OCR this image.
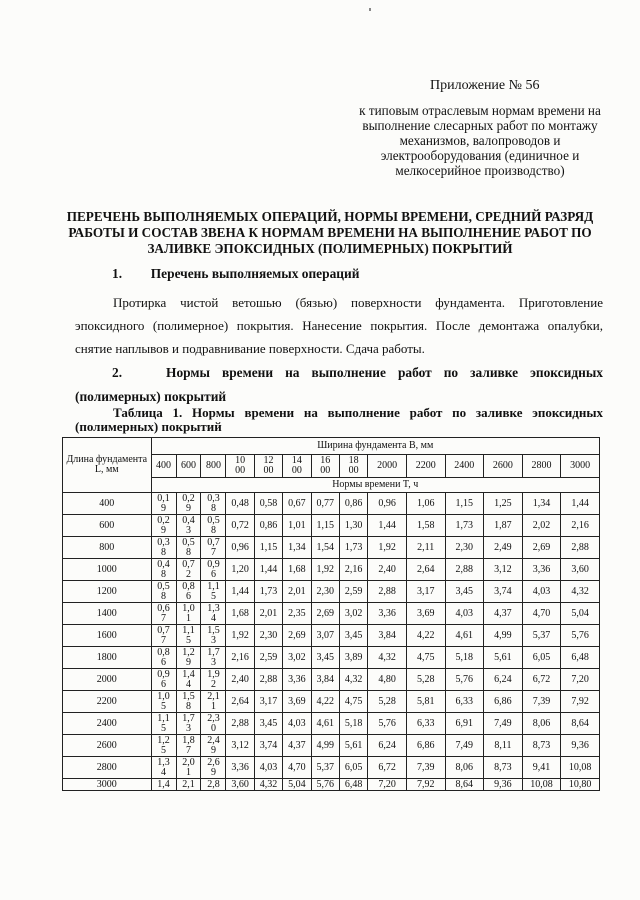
Приложение № 56
к типовым отраслевым нормам времени на выполнение слесарных работ по монтажу механизмов, валопроводов и электрооборудования (единичное и мелкосерийное производство)
ПЕРЕЧЕНЬ ВЫПОЛНЯЕМЫХ ОПЕРАЦИЙ, НОРМЫ ВРЕМЕНИ, СРЕДНИЙ РАЗРЯД РАБОТЫ И СОСТАВ ЗВЕНА К НОРМАМ ВРЕМЕНИ НА ВЫПОЛНЕНИЕ РАБОТ ПО ЗАЛИВКЕ ЭПОКСИДНЫХ (ПОЛИМЕРНЫХ) ПОКРЫТИЙ
1. Перечень выполняемых операций
Протирка чистой ветошью (бязью) поверхности фундамента. Приготовление эпоксидного (полимерное) покрытия. Нанесение покрытия. После демонтажа опалубки, снятие наплывов и подравнивание поверхности. Сдача работы.
2.	Нормы времени на выполнение работ по заливке эпоксидных (полимерных) покрытий
Таблица 1. Нормы времени на выполнение работ по заливке эпоксидных (полимерных) покрытий
Длина фундамента L, мм	Ширина фундамента B, мм													
	400	600	800	1000	1200	1400	1600	1800	2000	2200	2400	2600	2800	3000
	Нормы времени T, ч													
400	0,19	0,29	0,38	0,48	0,58	0,67	0,77	0,86	0,96	1,06	1,15	1,25	1,34	1,44
600	0,29	0,43	0,58	0,72	0,86	1,01	1,15	1,30	1,44	1,58	1,73	1,87	2,02	2,16
800	0,38	0,58	0,77	0,96	1,15	1,34	1,54	1,73	1,92	2,11	2,30	2,49	2,69	2,88
1000	0,48	0,72	0,96	1,20	1,44	1,68	1,92	2,16	2,40	2,64	2,88	3,12	3,36	3,60
1200	0,58	0,86	1,15	1,44	1,73	2,01	2,30	2,59	2,88	3,17	3,45	3,74	4,03	4,32
1400	0,67	1,01	1,34	1,68	2,01	2,35	2,69	3,02	3,36	3,69	4,03	4,37	4,70	5,04
1600	0,77	1,15	1,53	1,92	2,30	2,69	3,07	3,45	3,84	4,22	4,61	4,99	5,37	5,76
1800	0,86	1,29	1,73	2,16	2,59	3,02	3,45	3,89	4,32	4,75	5,18	5,61	6,05	6,48
2000	0,96	1,44	1,92	2,40	2,88	3,36	3,84	4,32	4,80	5,28	5,76	6,24	6,72	7,20
2200	1,05	1,58	2,11	2,64	3,17	3,69	4,22	4,75	5,28	5,81	6,33	6,86	7,39	7,92
2400	1,15	1,73	2,30	2,88	3,45	4,03	4,61	5,18	5,76	6,33	6,91	7,49	8,06	8,64
2600	1,25	1,87	2,49	3,12	3,74	4,37	4,99	5,61	6,24	6,86	7,49	8,11	8,73	9,36
2800	1,34	2,01	2,69	3,36	4,03	4,70	5,37	6,05	6,72	7,39	8,06	8,73	9,41	10,08
3000	1,4	2,1	2,8	3,60	4,32	5,04	5,76	6,48	7,20	7,92	8,64	9,36	10,08	10,80
